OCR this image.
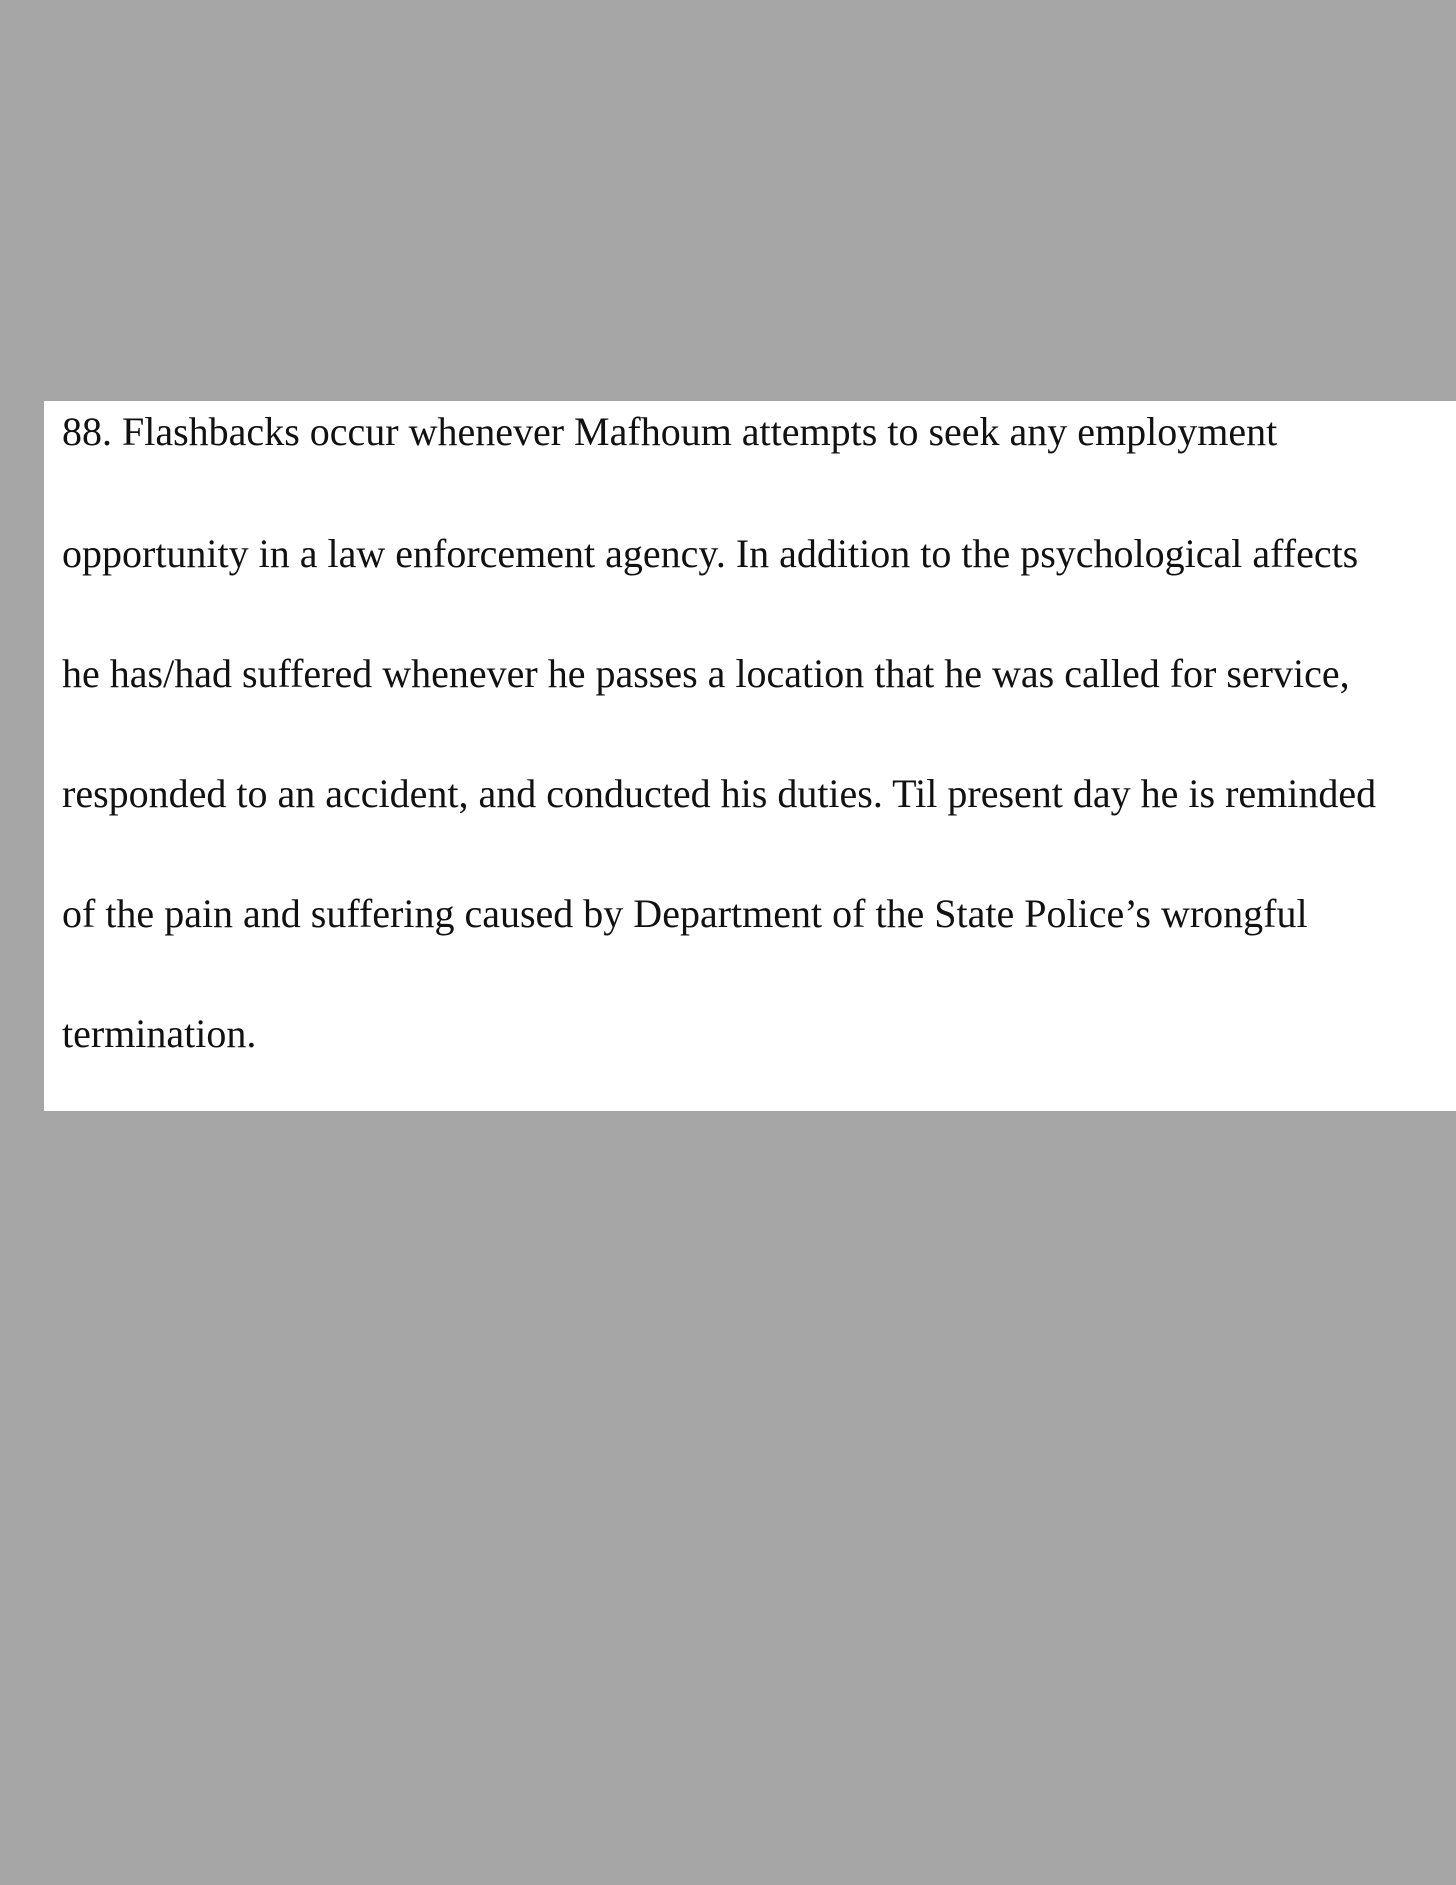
88. Flashbacks occur whenever Mafhoum attempts to seek any employment
opportunity in a law enforcement agency. In addition to the psychological affects
he has/had suffered whenever he passes a location that he was called for service,
responded to an accident, and conducted his duties. Til present day he is reminded
of the pain and suffering caused by Department of the State Police’s wrongful
termination.
